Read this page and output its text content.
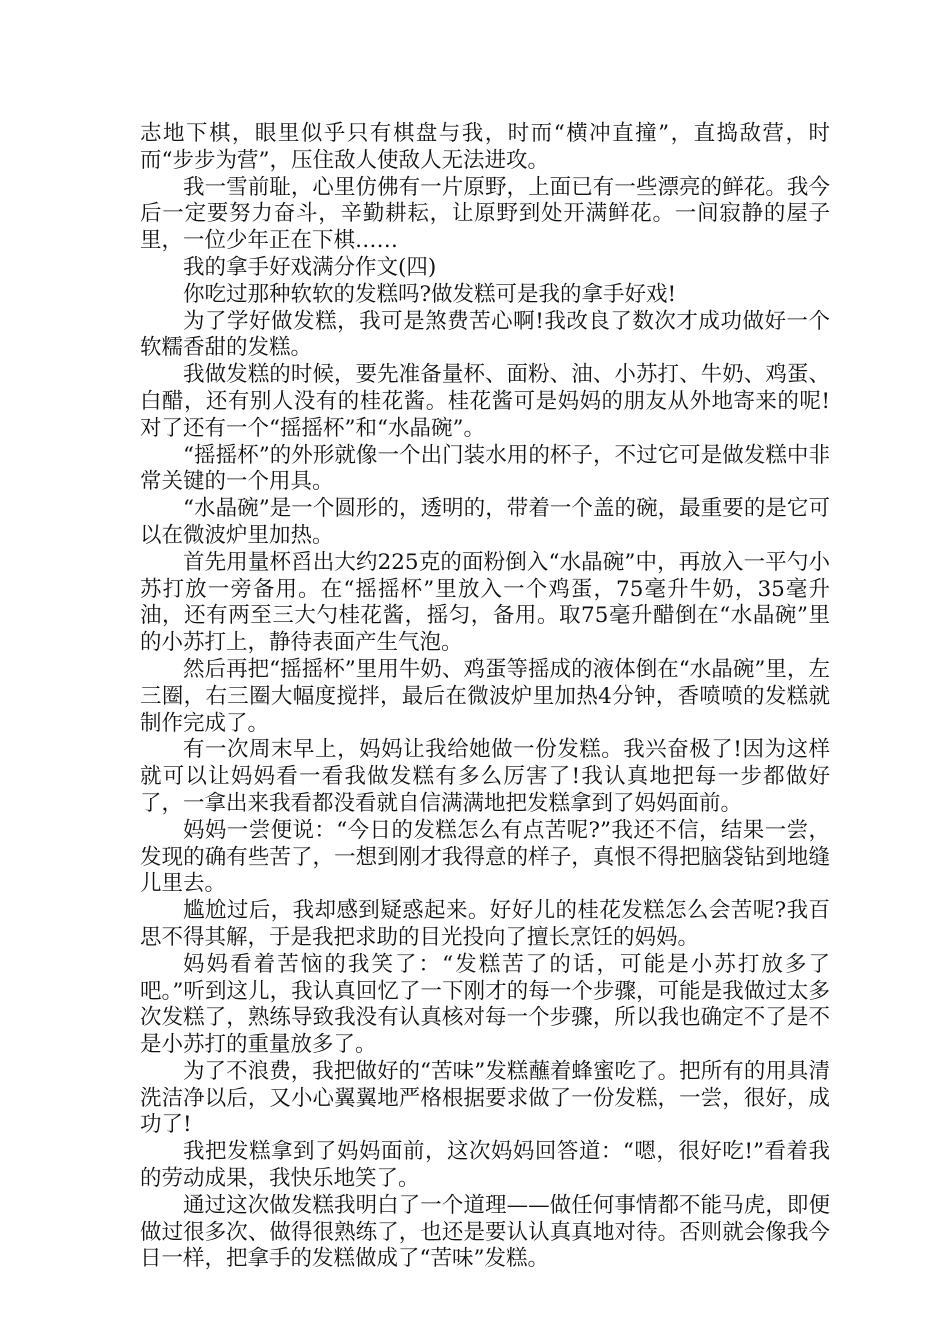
志地下棋，眼里似乎只有棋盘与我，时而“横冲直撞”，直捣敌营，时而“步步为营”，压住敌人使敌人无法进攻。

我一雪前耻，心里仿佛有一片原野，上面已有一些漂亮的鲜花。我今后一定要努力奋斗，辛勤耕耘，让原野到处开满鲜花。一间寂静的屋子里，一位少年正在下棋……

我的拿手好戏满分作文(四)

你吃过那种软软的发糕吗?做发糕可是我的拿手好戏!

为了学好做发糕，我可是煞费苦心啊!我改良了数次才成功做好一个软糯香甜的发糕。

我做发糕的时候，要先准备量杯、面粉、油、小苏打、牛奶、鸡蛋、白醋，还有别人没有的桂花酱。桂花酱可是妈妈的朋友从外地寄来的呢!对了还有一个“摇摇杯”和“水晶碗”。

“摇摇杯”的外形就像一个出门装水用的杯子，不过它可是做发糕中非常关键的一个用具。

“水晶碗”是一个圆形的，透明的，带着一个盖的碗，最重要的是它可以在微波炉里加热。

首先用量杯舀出大约225克的面粉倒入“水晶碗”中，再放入一平勺小苏打放一旁备用。在“摇摇杯”里放入一个鸡蛋，75毫升牛奶，35毫升油，还有两至三大勺桂花酱，摇匀，备用。取75毫升醋倒在“水晶碗”里的小苏打上，静待表面产生气泡。

然后再把“摇摇杯”里用牛奶、鸡蛋等摇成的液体倒在“水晶碗”里，左三圈，右三圈大幅度搅拌，最后在微波炉里加热4分钟，香喷喷的发糕就制作完成了。

有一次周末早上，妈妈让我给她做一份发糕。我兴奋极了!因为这样就可以让妈妈看一看我做发糕有多么厉害了!我认真地把每一步都做好了，一拿出来我看都没看就自信满满地把发糕拿到了妈妈面前。

妈妈一尝便说：“今日的发糕怎么有点苦呢?”我还不信，结果一尝，发现的确有些苦了，一想到刚才我得意的样子，真恨不得把脑袋钻到地缝儿里去。

尴尬过后，我却感到疑惑起来。好好儿的桂花发糕怎么会苦呢?我百思不得其解，于是我把求助的目光投向了擅长烹饪的妈妈。

妈妈看着苦恼的我笑了：“发糕苦了的话，可能是小苏打放多了吧。”听到这儿，我认真回忆了一下刚才的每一个步骤，可能是我做过太多次发糕了，熟练导致我没有认真核对每一个步骤，所以我也确定不了是不是小苏打的重量放多了。

为了不浪费，我把做好的“苦味”发糕蘸着蜂蜜吃了。把所有的用具清洗洁净以后，又小心翼翼地严格根据要求做了一份发糕，一尝，很好，成功了!

我把发糕拿到了妈妈面前，这次妈妈回答道：“嗯，很好吃!”看着我的劳动成果，我快乐地笑了。

通过这次做发糕我明白了一个道理——做任何事情都不能马虎，即便做过很多次、做得很熟练了，也还是要认认真真地对待。否则就会像我今日一样，把拿手的发糕做成了“苦味”发糕。
